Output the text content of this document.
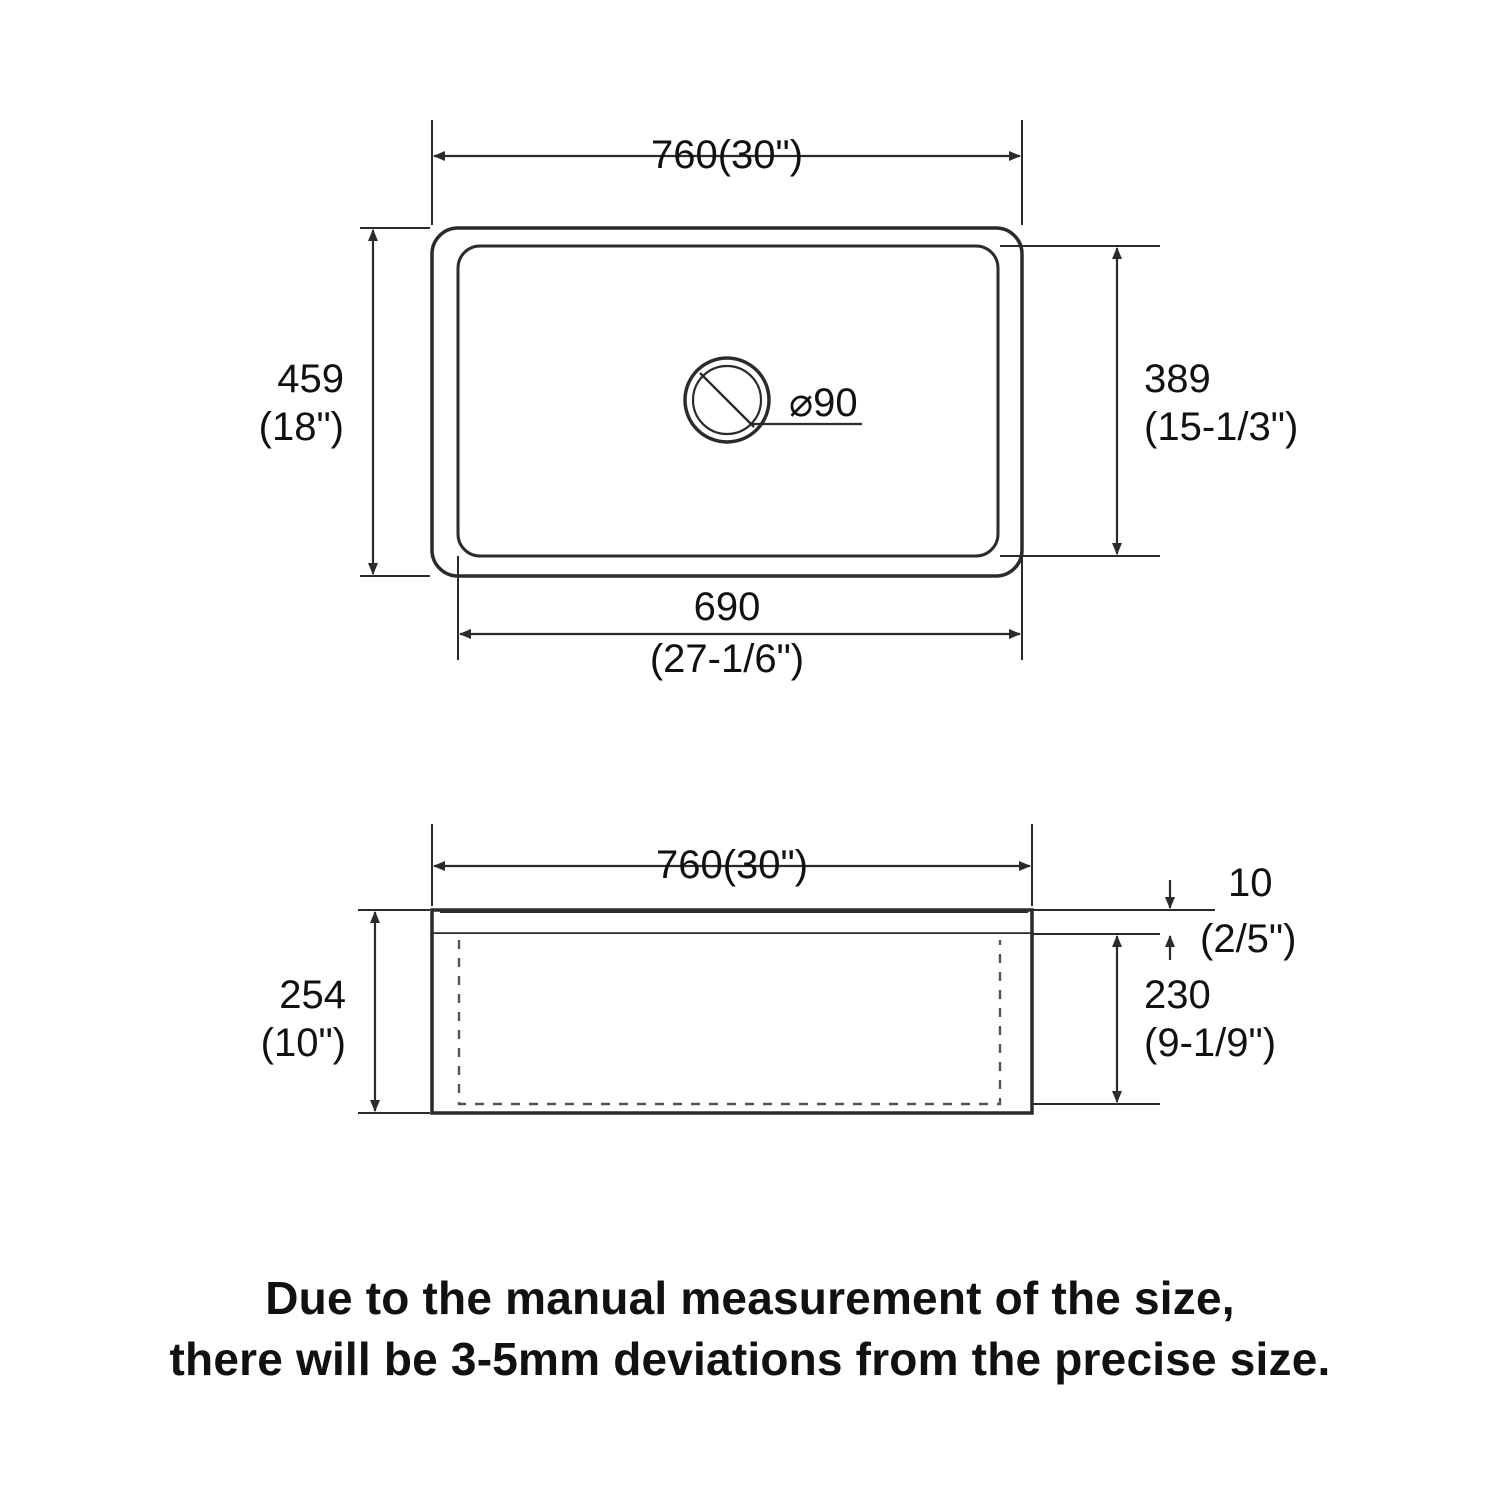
⌀90
760(30")
459
(18")
389
(15-1/3")
690
(27-1/6")
760(30")
254
(10")
230
(9-1/9")
10
(2/5")
Due to the manual measurement of the size,
there will be 3-5mm deviations from the precise size.
